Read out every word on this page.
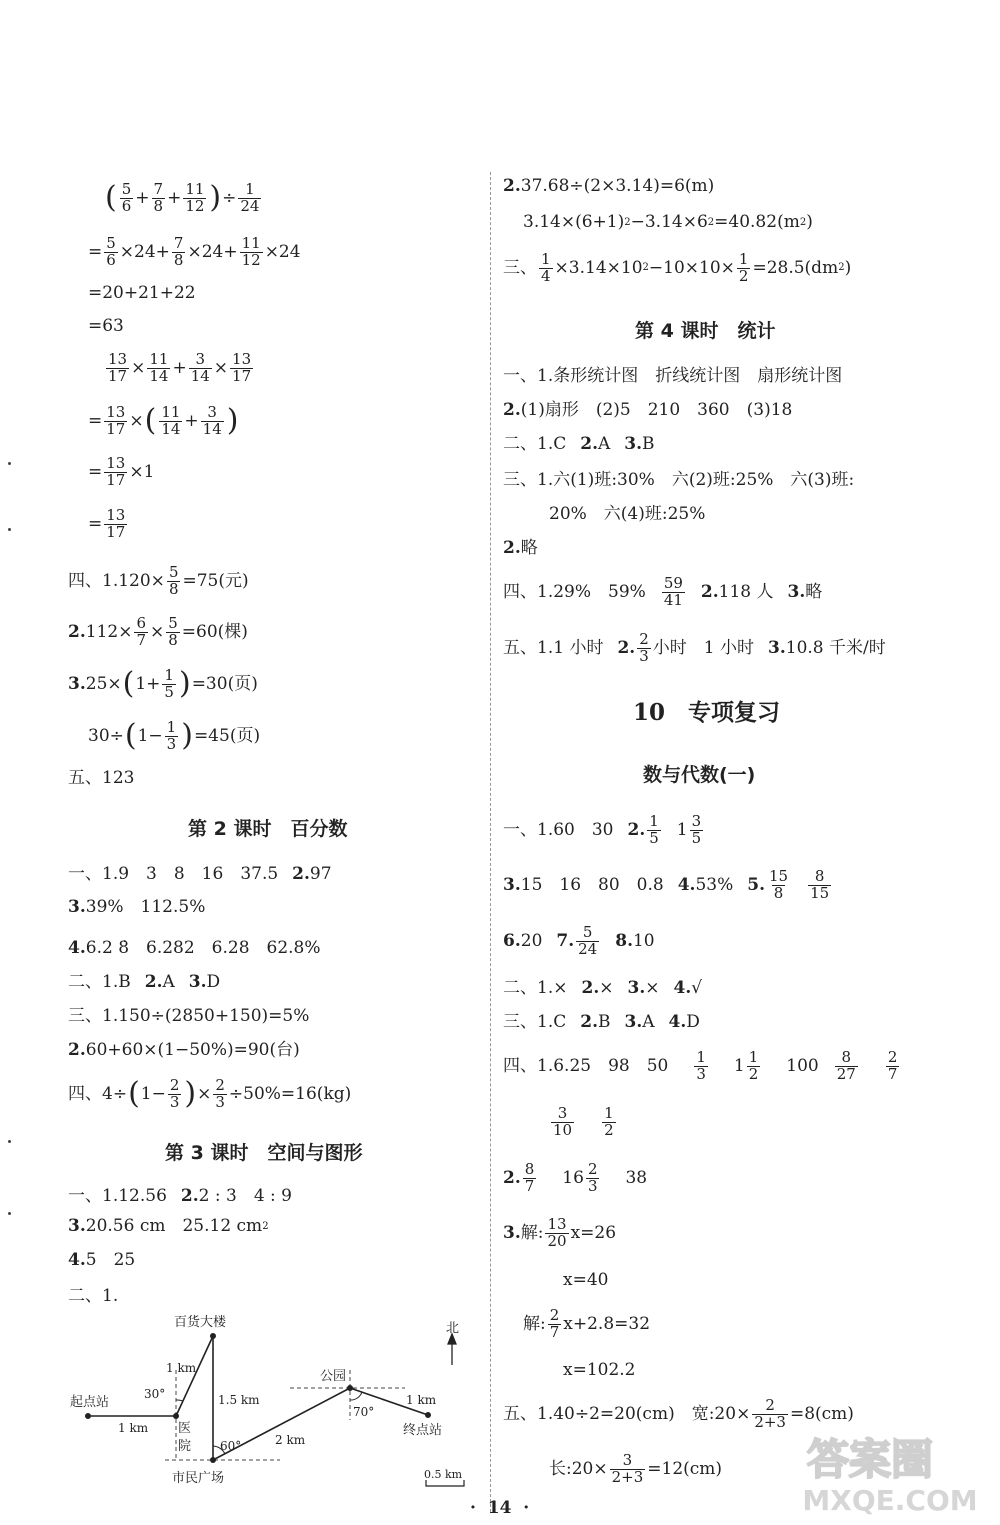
( $\frac{5}{6} + \frac{7}{8} + \frac{11}{12}$ ) ÷ $\frac{1}{24}$
= $\frac{5}{6} \times 24+ \frac{7}{8} \times 24+ \frac{11}{12} \times 24$
=20+21+22
=63
$\frac{13}{17} \times \frac{11}{14} + \frac{3}{14} \times \frac{13}{17}$
= $\frac{13}{17}$ × ( $\frac{11}{14} + \frac{3}{14}$ )
= $\frac{13}{17} \times 1$
= $\frac{13}{17}$
四、1. $120\times \frac{5}{8} =75$(元)
2. $112\times \frac{6}{7} \times \frac{5}{8} =60$(棵)
3. 25× ( $1+ \frac{1}{5}$ ) =30(页)
30÷ ( $1- \frac{1}{3}$ ) =45(页)
五、123
第 2 课时　百分数
一、1. 9　3　8　16　37.5 2. 97
3. 39%　112.5%
4. 6.2 8̇　6.282　6.28　62.8%
二、1. B 2. A 3. D
三、1. 150÷(2850+150)=5%
2. 60+60×(1−50%)=90(台)
四、4÷ ( $1- \frac{2}{3}$ ) × $\frac{2}{3} \div 50\%=16(kg)$
第 3 课时　空间与图形
一、1. 12.56 2. 2 : 3　4 : 9
3. 20.56 cm　25.12 cm 2
4. 5　25
二、1.
百货大楼
起点站
医
院
市民广场
公园
终点站
北
1 km
1 km
1.5 km
2 km
1 km
30°
60°
70°
0.5 km
2. 37.68÷(2×3.14)=6(m)
3.14×(6+1) 2 −3.14×6 2 =40.82(m 2 )
三、 $\frac{1}{4} \times 3.14\times 10$ $2 -10\times 10\times \frac{1}{2} =28.5(dm$ 2 )
第 4 课时　统计
一、1. 条形统计图　折线统计图　扇形统计图
2. (1)扇形　(2)5　210　360　(3)18
二、1. C 2. A 3. B
三、1. 六(1)班:30%　六(2)班:25%　六(3)班:
20%　六(4)班:25%
2. 略
四、1. 29%　$59\% \frac{59}{41} 2$. 118 人 3. 略
五、1. 1 小时 2. $\frac{2}{3}$ 小时　1 小时 3. 10.8 千米/时
10　专项复习
数与代数(一)
一、1. 60　30 2. $\frac{1}{5} 1 \frac{3}{5}$
3. 15　16　80　0.8 4. 53% 5. $\frac{15}{8} \frac{8}{15}$
6. 20 7. $\frac{5}{24} 8$. 10
二、1. × 2. × 3. × 4. √
三、1. C 2. B 3. A 4. D
四、1. 6.25　98　$50 \frac{1}{3} 1 \frac{1}{2} 100 \frac{8}{27} \frac{2}{7}$
$\frac{3}{10} \frac{1}{2}$
2. $\frac{8}{7} 16 \frac{2}{3} 38$
3. 解: $\frac{13}{20} x=26$
x=40
解: $\frac{2}{7} x+2.8=32$
x=102.2
五、1. 40÷2=20(cm)　宽:20× $\frac{2}{2+3} =8(cm)$
长:20× $\frac{3}{2+3} =12(cm)$
·  14  ·
答案圈
MXQE.COM
